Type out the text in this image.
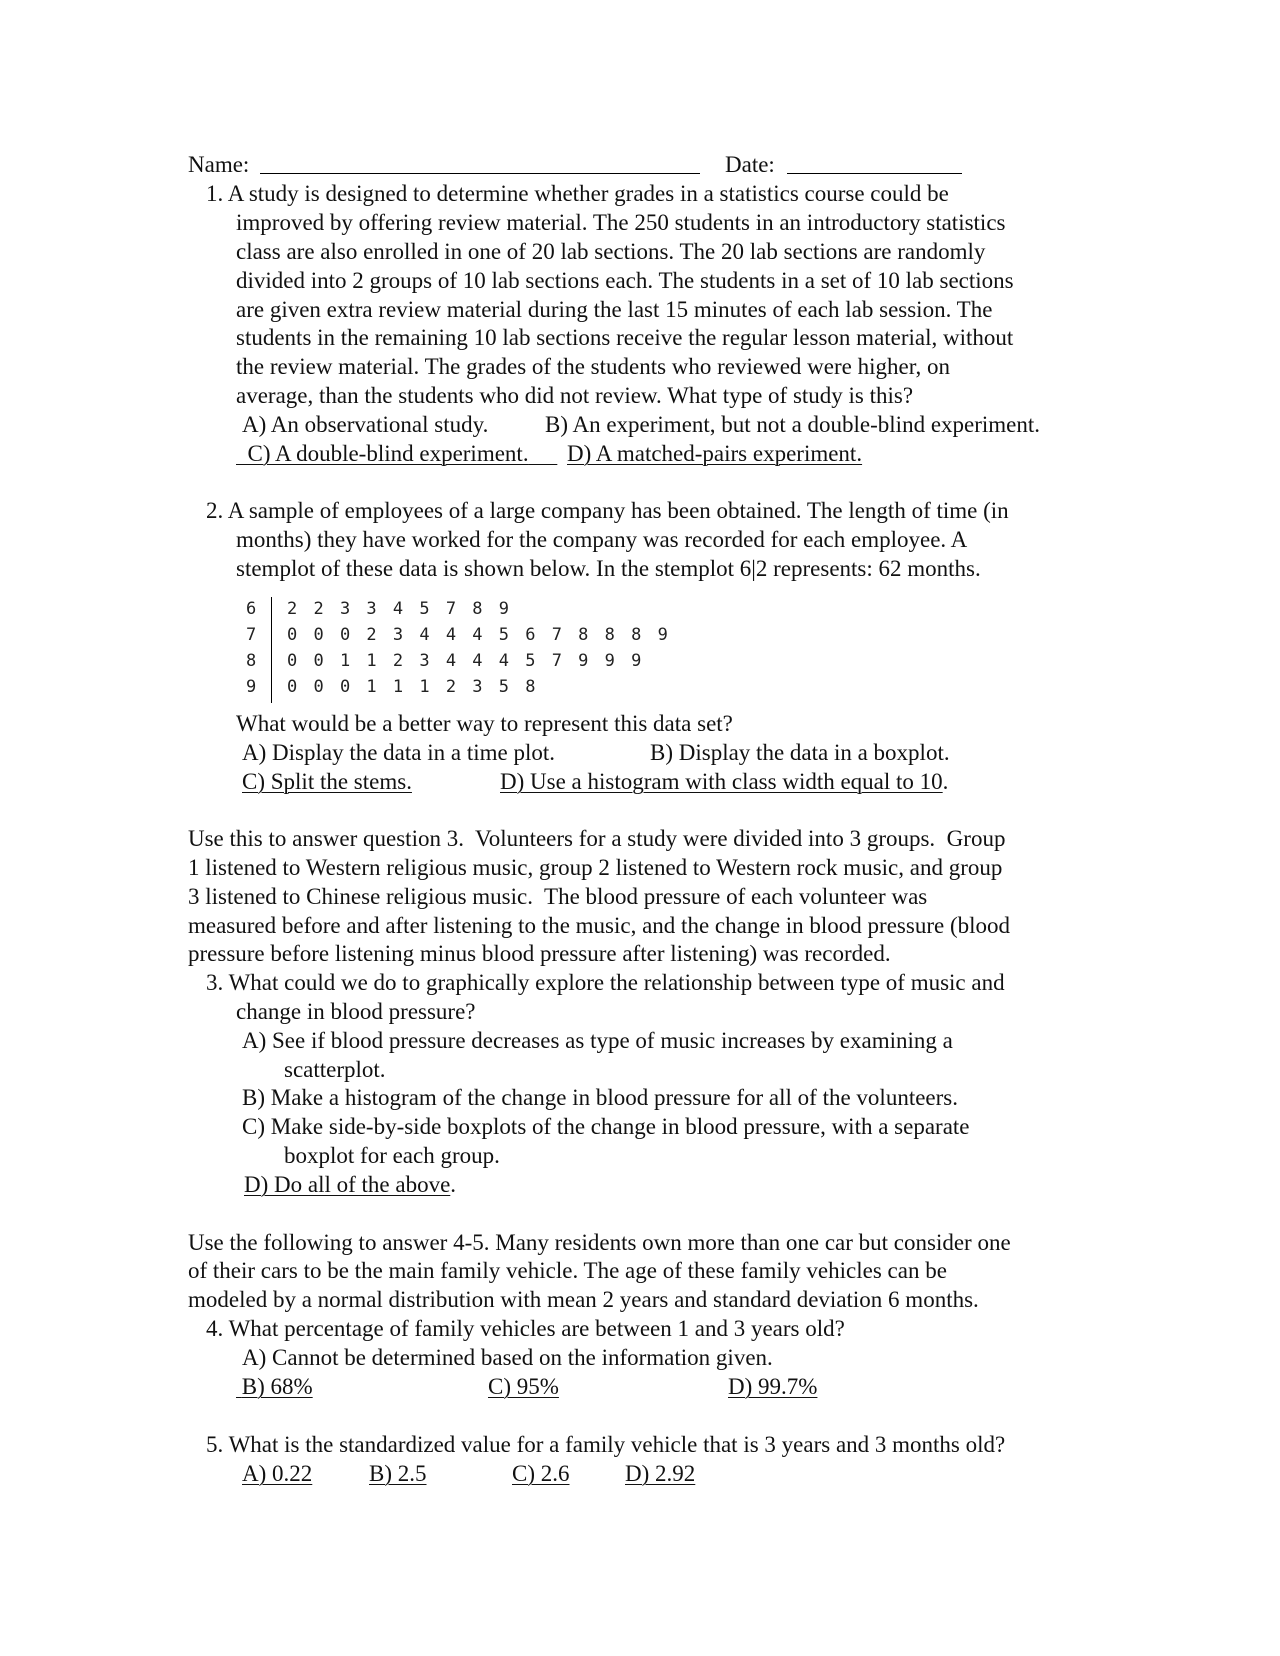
Name:	Date:
1. A study is designed to determine whether grades in a statistics course could be
improved by offering review material. The 250 students in an introductory statistics
class are also enrolled in one of 20 lab sections. The 20 lab sections are randomly
divided into 2 groups of 10 lab sections each. The students in a set of 10 lab sections
are given extra review material during the last 15 minutes of each lab session. The
students in the remaining 10 lab sections receive the regular lesson material, without
the review material. The grades of the students who reviewed were higher, on
average, than the students who did not review. What type of study is this?
A) An observational study. B) An experiment, but not a double-blind experiment.
C) A double-blind experiment. D) A matched-pairs experiment.
2. A sample of employees of a large company has been obtained. The length of time (in
months) they have worked for the company was recorded for each employee. A
stemplot of these data is shown below. In the stemplot 6|2 represents: 62 months.
6 2 2 3 3 4 5 7 8 9
7 0 0 0 2 3 4 4 4 5 6 7 8 8 8 9
8 0 0 1 1 2 3 4 4 4 5 7 9 9 9
9 0 0 0 1 1 1 2 3 5 8
What would be a better way to represent this data set?
A) Display the data in a time plot.	B) Display the data in a boxplot.
C) Split the stems.	D) Use a histogram with class width equal to 10.
Use this to answer question 3.  Volunteers for a study were divided into 3 groups.  Group
1 listened to Western religious music, group 2 listened to Western rock music, and group
3 listened to Chinese religious music.  The blood pressure of each volunteer was
measured before and after listening to the music, and the change in blood pressure (blood
pressure before listening minus blood pressure after listening) was recorded.
3. What could we do to graphically explore the relationship between type of music and
change in blood pressure?
A) See if blood pressure decreases as type of music increases by examining a
scatterplot.
B) Make a histogram of the change in blood pressure for all of the volunteers.
C) Make side-by-side boxplots of the change in blood pressure, with a separate
boxplot for each group.
D) Do all of the above.
Use the following to answer 4-5. Many residents own more than one car but consider one
of their cars to be the main family vehicle. The age of these family vehicles can be
modeled by a normal distribution with mean 2 years and standard deviation 6 months.
4. What percentage of family vehicles are between 1 and 3 years old?
A) Cannot be determined based on the information given.
B) 68%	C) 95%	D) 99.7%
5. What is the standardized value for a family vehicle that is 3 years and 3 months old?
A) 0.22	B) 2.5	C) 2.6	D) 2.92
